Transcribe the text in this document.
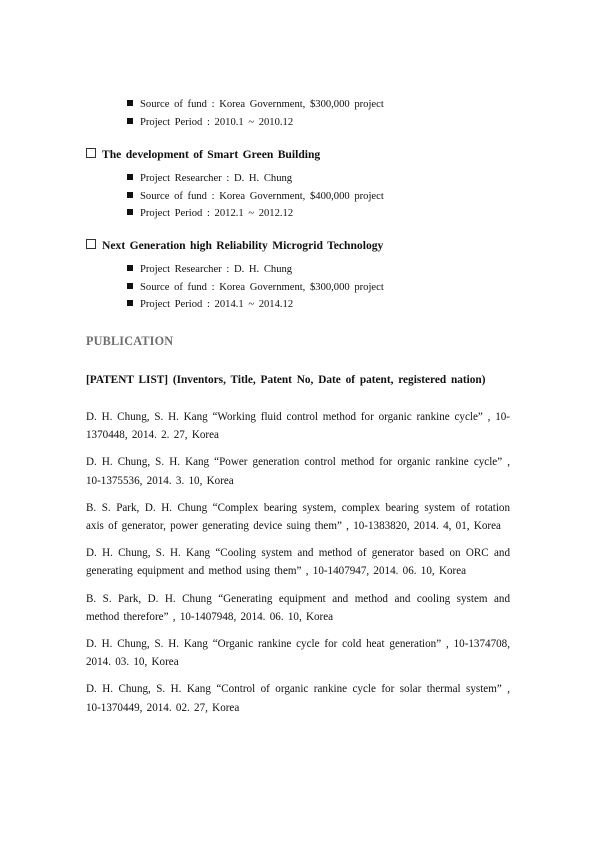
Source of fund : Korea Government, $300,000 project
Project Period : 2010.1 ~ 2010.12
The development of Smart Green Building
Project Researcher : D. H. Chung
Source of fund : Korea Government, $400,000 project
Project Period : 2012.1 ~ 2012.12
Next Generation high Reliability Microgrid Technology
Project Researcher : D. H. Chung
Source of fund : Korea Government, $300,000 project
Project Period : 2014.1 ~ 2014.12
PUBLICATION
[PATENT LIST] (Inventors, Title, Patent No, Date of patent, registered nation)

D. H. Chung, S. H. Kang “Working fluid control method for organic rankine cycle” , 10-1370448, 2014. 2. 27, Korea

D. H. Chung, S. H. Kang “Power generation control method for organic rankine cycle” , 10-1375536, 2014. 3. 10, Korea

B. S. Park, D. H. Chung “Complex bearing system, complex bearing system of rotation axis of generator, power generating device suing them” , 10-1383820, 2014. 4, 01, Korea

D. H. Chung, S. H. Kang “Cooling system and method of generator based on ORC and generating equipment and method using them” , 10-1407947, 2014. 06. 10, Korea

B. S. Park, D. H. Chung “Generating equipment and method and cooling system and method therefore” , 10-1407948, 2014. 06. 10, Korea

D. H. Chung, S. H. Kang “Organic rankine cycle for cold heat generation” , 10-1374708, 2014. 03. 10, Korea

D. H. Chung, S. H. Kang “Control of organic rankine cycle for solar thermal system” , 10-1370449, 2014. 02. 27, Korea
